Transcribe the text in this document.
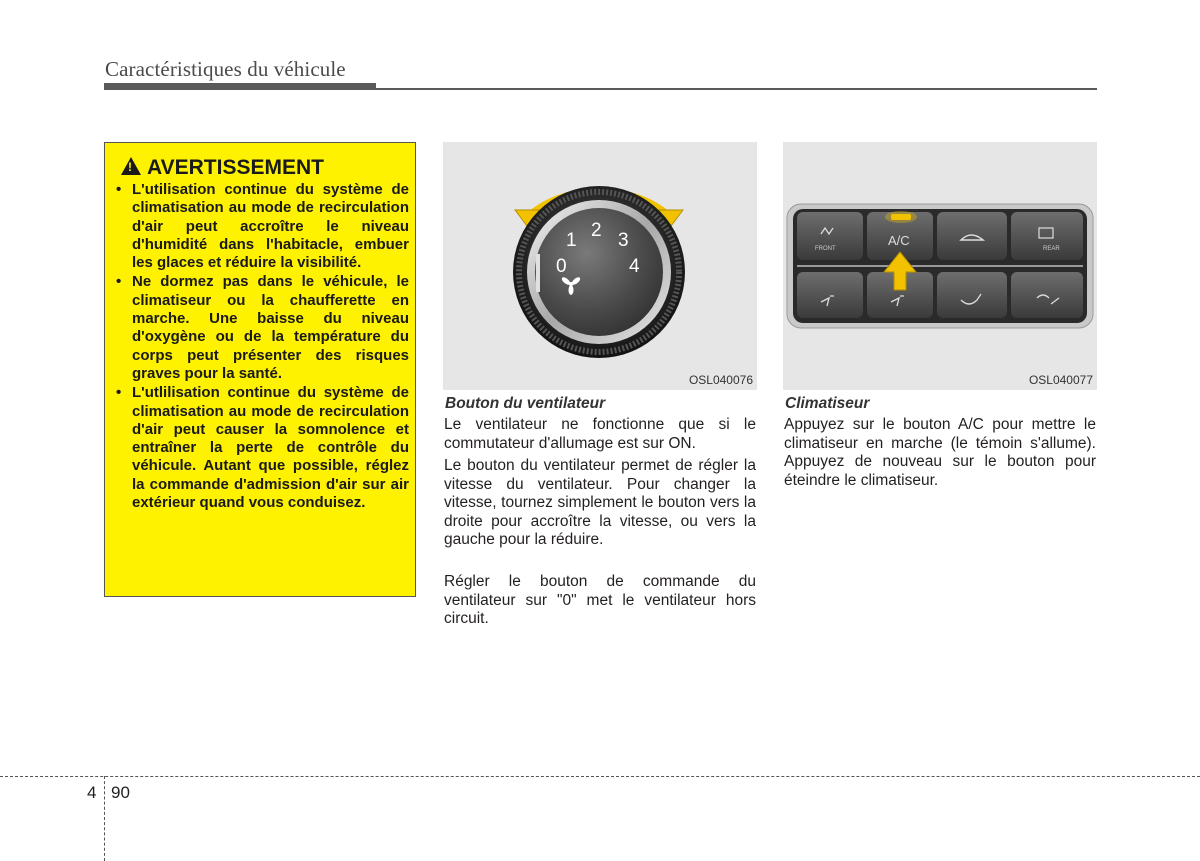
Caractéristiques du véhicule
!AVERTISSEMENT
• L'utilisation continue du système de climatisation au mode de recirculation d'air peut accroître le niveau d'humidité dans l'habitacle, embuer les glaces et réduire la visibilité.
• Ne dormez pas dans le véhicule, le climatiseur ou la chaufferette en marche. Une baisse du niveau d'oxygène ou de la température du corps peut présenter des risques graves pour la santé.
• L'utlilisation continue du système de climatisation au mode de recirculation d'air peut causer la somnolence et entraîner la perte de contrôle du véhicule. Autant que possible, réglez la commande d'admission d'air sur air extérieur quand vous conduisez.
0
1 2 3
4
OSL040076
A/C
FRONT	REAR
OSL040077
Bouton du ventilateur

Le ventilateur ne fonctionne que si le commutateur d'allumage est sur ON.

Le bouton du ventilateur permet de régler la vitesse du ventilateur. Pour changer la vitesse, tournez simplement le bouton vers la droite pour accroître la vitesse, ou vers la gauche pour la réduire.

Régler le bouton de commande du ventilateur sur "0" met le ventilateur hors circuit.

Climatiseur

Appuyez sur le bouton A/C pour mettre le climatiseur en marche (le témoin s'allume). Appuyez de nouveau sur le bouton pour éteindre le climatiseur.

4 90
